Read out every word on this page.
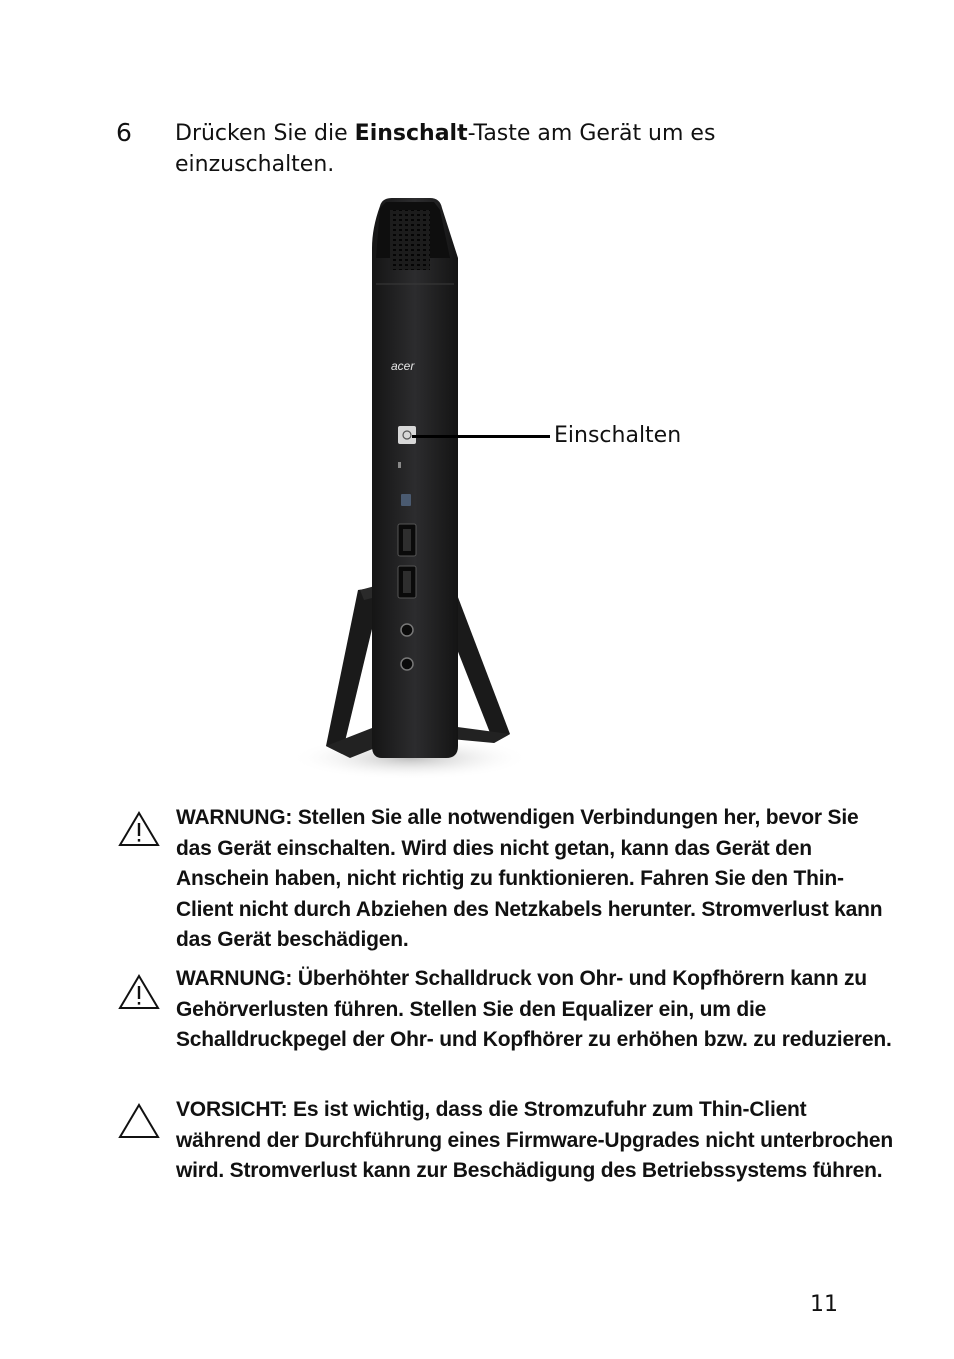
6 Drücken Sie die Einschalt-Taste am Gerät um es einzuschalten.
acer
Einschalten
WARNUNG: Stellen Sie alle notwendigen Verbindungen her, bevor Sie das Gerät einschalten. Wird dies nicht getan, kann das Gerät den Anschein haben, nicht richtig zu funktionieren. Fahren Sie den Thin-Client nicht durch Abziehen des Netzkabels herunter. Stromverlust kann das Gerät beschädigen.
WARNUNG: Überhöhter Schalldruck von Ohr- und Kopfhörern kann zu Gehörverlusten führen. Stellen Sie den Equalizer ein, um die Schalldruckpegel der Ohr- und Kopfhörer zu erhöhen bzw. zu reduzieren.
VORSICHT: Es ist wichtig, dass die Stromzufuhr zum Thin-Client während der Durchführung eines Firmware-Upgrades nicht unterbrochen wird. Stromverlust kann zur Beschädigung des Betriebssystems führen.
11
